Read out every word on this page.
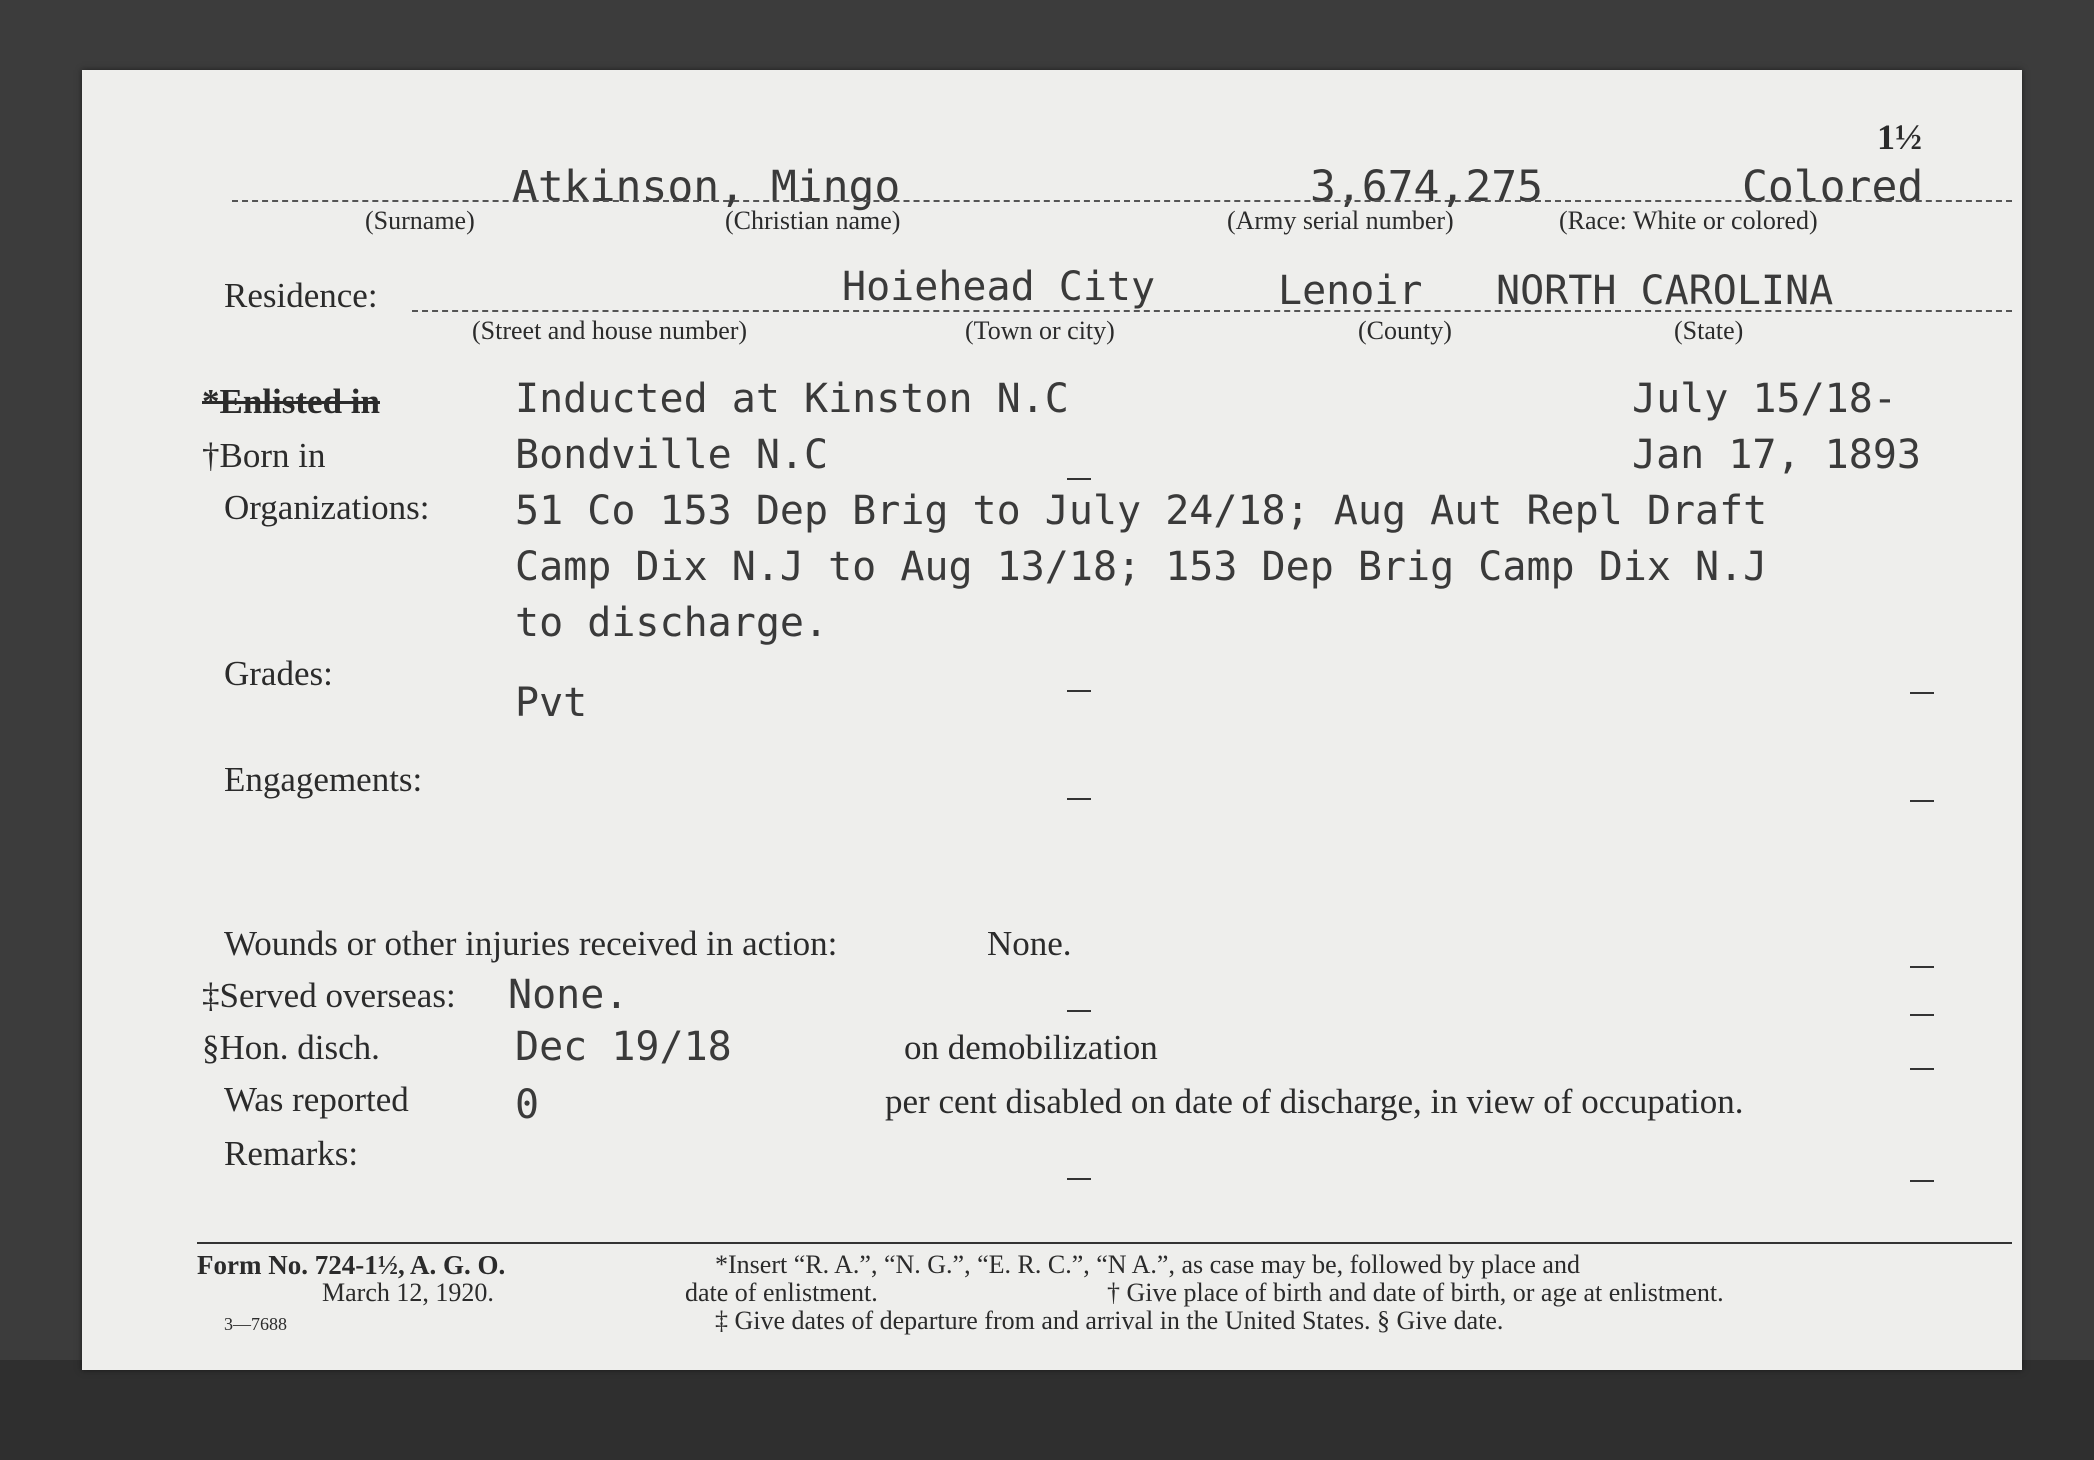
1½
Atkinson, Mingo	3,674,275	Colored
(Surname)	(Christian name)	(Army serial number)	(Race: White or colored)
Residence:	Hoiehead City	Lenoir NORTH CAROLINA
(Street and house number)	(Town or city)	(County)	(State)
*Enlisted in	Inducted at Kinston N.C	July 15/18-
†Born in	Bondville N.C	Jan 17, 1893
Organizations: 51 Co 153 Dep Brig to July 24/18; Aug Aut Repl Draft
Camp Dix N.J to Aug 13/18; 153 Dep Brig Camp Dix N.J
to discharge.
Grades:
Pvt
Engagements:
Wounds or other injuries received in action:	None.
‡Served overseas: None.
§Hon. disch.	Dec 19/18	on demobilization
Was reported	0	per cent disabled on date of discharge, in view of occupation.
Remarks:
Form No. 724-1½, A. G. O.
March 12, 1920.
3—7688
*Insert “R. A.”, “N. G.”, “E. R. C.”, “N A.”, as case may be, followed by place and
date of enlistment.	† Give place of birth and date of birth, or age at enlistment.
‡ Give dates of departure from and arrival in the United States. § Give date.
